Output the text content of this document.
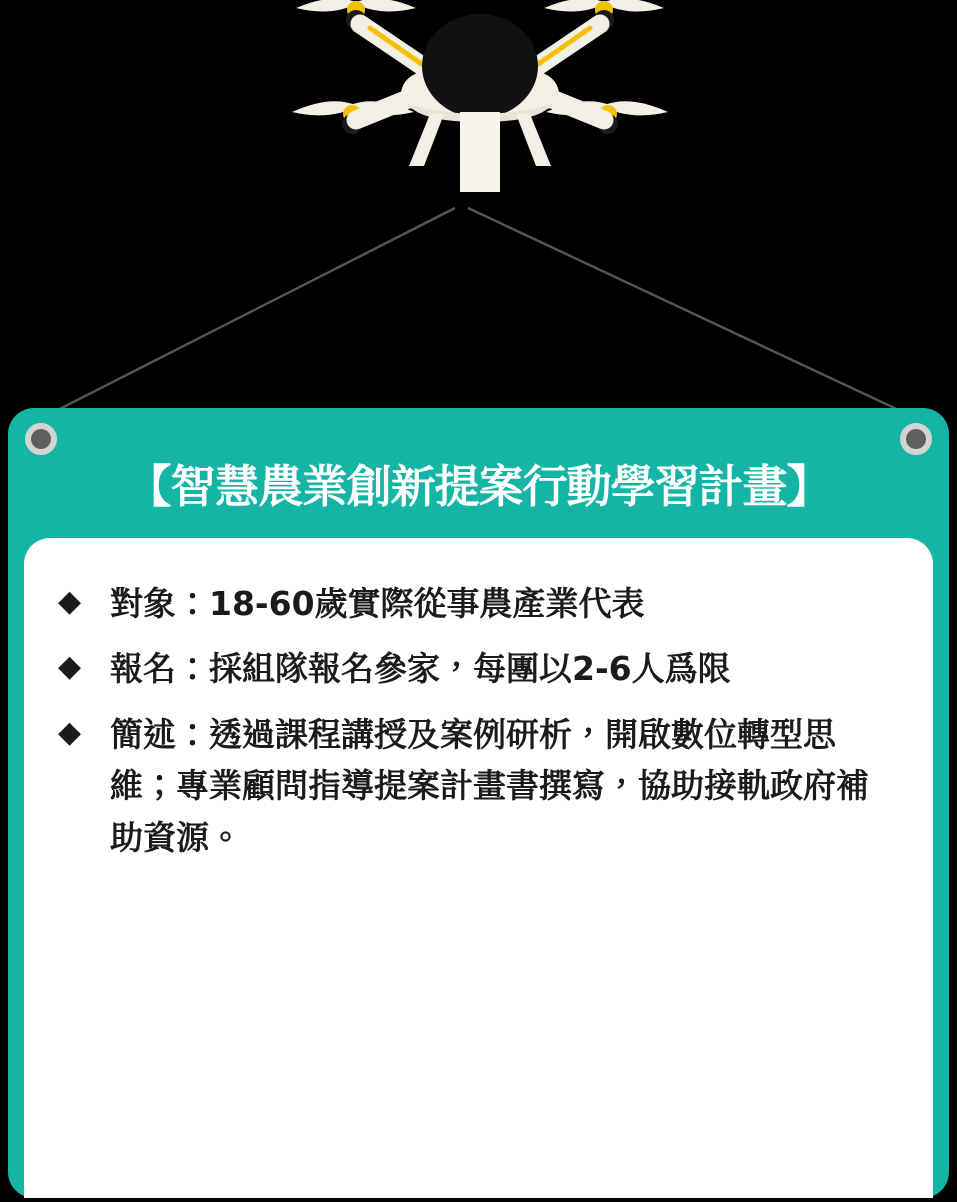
【智慧農業創新提案行動學習計畫】
◆ 對象：18-60歲實際從事農產業代表
◆ 報名：採組隊報名參家，每團以2-6人爲限
◆ 簡述：透過課程講授及案例研析，開啟數位轉型思維；專業顧問指導提案計畫書撰寫，協助接軌政府補助資源。
